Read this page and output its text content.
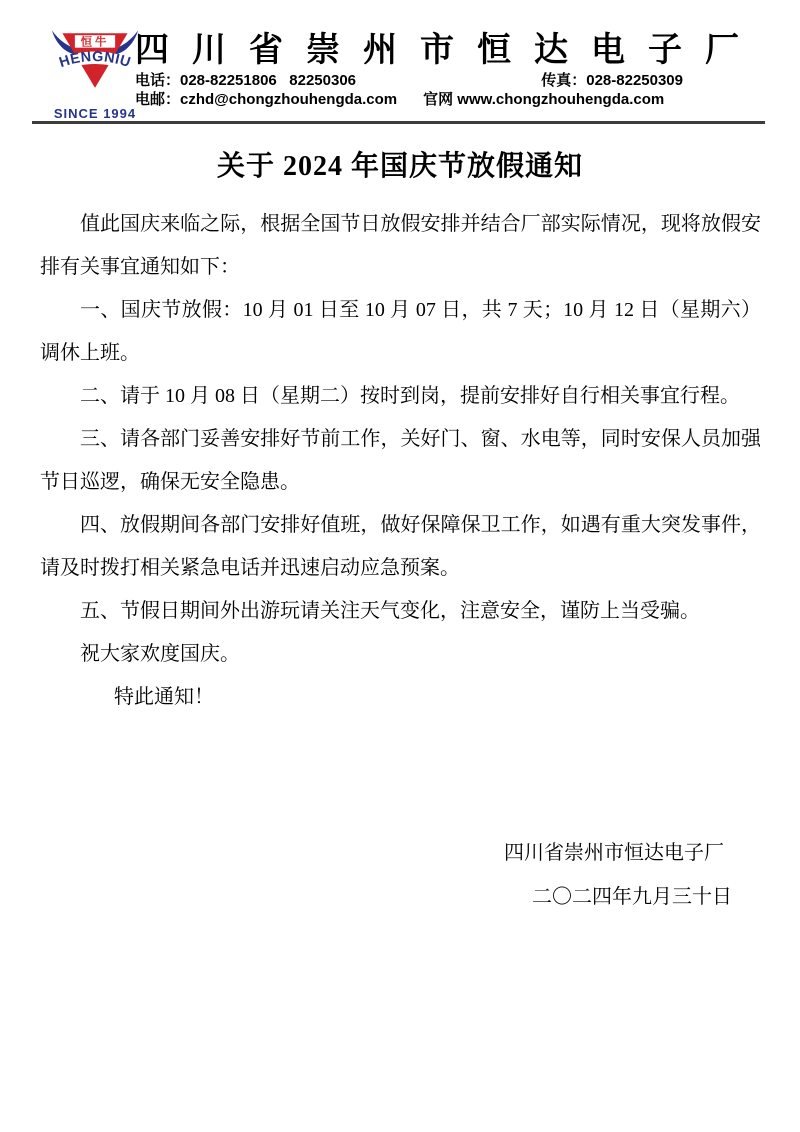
恒牛
HENGNIU
SINCE 1994
四川省崇州市恒达电子厂
电话：028-82251806   82250306	传真：028-82250309
电邮：czhd@chongzhouhengda.com 官网 www.chongzhouhengda.com
关于 2024 年国庆节放假通知

值此国庆来临之际，根据全国节日放假安排并结合厂部实际情况，现将放假安排有关事宜通知如下：

一、国庆节放假：10 月 01 日至 10 月 07 日，共 7 天；10 月 12 日（星期六）调休上班。

二、请于 10 月 08 日（星期二）按时到岗，提前安排好自行相关事宜行程。

三、请各部门妥善安排好节前工作，关好门、窗、水电等，同时安保人员加强节日巡逻，确保无安全隐患。

四、放假期间各部门安排好值班，做好保障保卫工作，如遇有重大突发事件，请及时拨打相关紧急电话并迅速启动应急预案。

五、节假日期间外出游玩请关注天气变化，注意安全，谨防上当受骗。

祝大家欢度国庆。

特此通知！

四川省崇州市恒达电子厂
二〇二四年九月三十日
